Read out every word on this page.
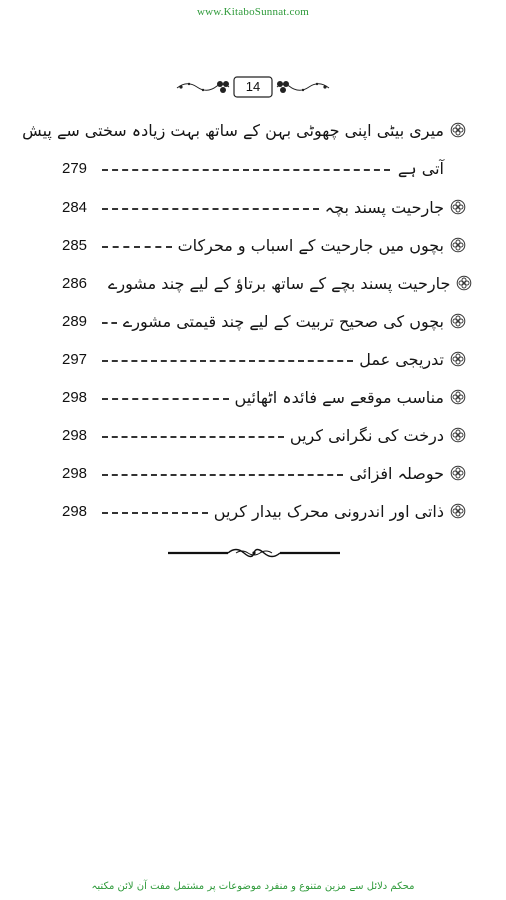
www.KitaboSunnat.com
14
میری بیٹی اپنی چھوٹی بہن کے ساتھ بہت زیادہ سختی سے پیش
279	آتی ہے
284	جارحیت پسند بچہ
285	بچوں میں جارحیت کے اسباب و محرکات
286	جارحیت پسند بچے کے ساتھ برتاؤ کے لیے چند مشورے
289	بچوں کی صحیح تربیت کے لیے چند قیمتی مشورے
297	تدریجی عمل
298	مناسب موقعے سے فائدہ اٹھائیں
298	درخت کی نگرانی کریں
298	حوصلہ افزائی
298	ذاتی اور اندرونی محرک بیدار کریں
محکم دلائل سے مزین متنوع و منفرد موضوعات پر مشتمل مفت آن لائن مکتبہ
